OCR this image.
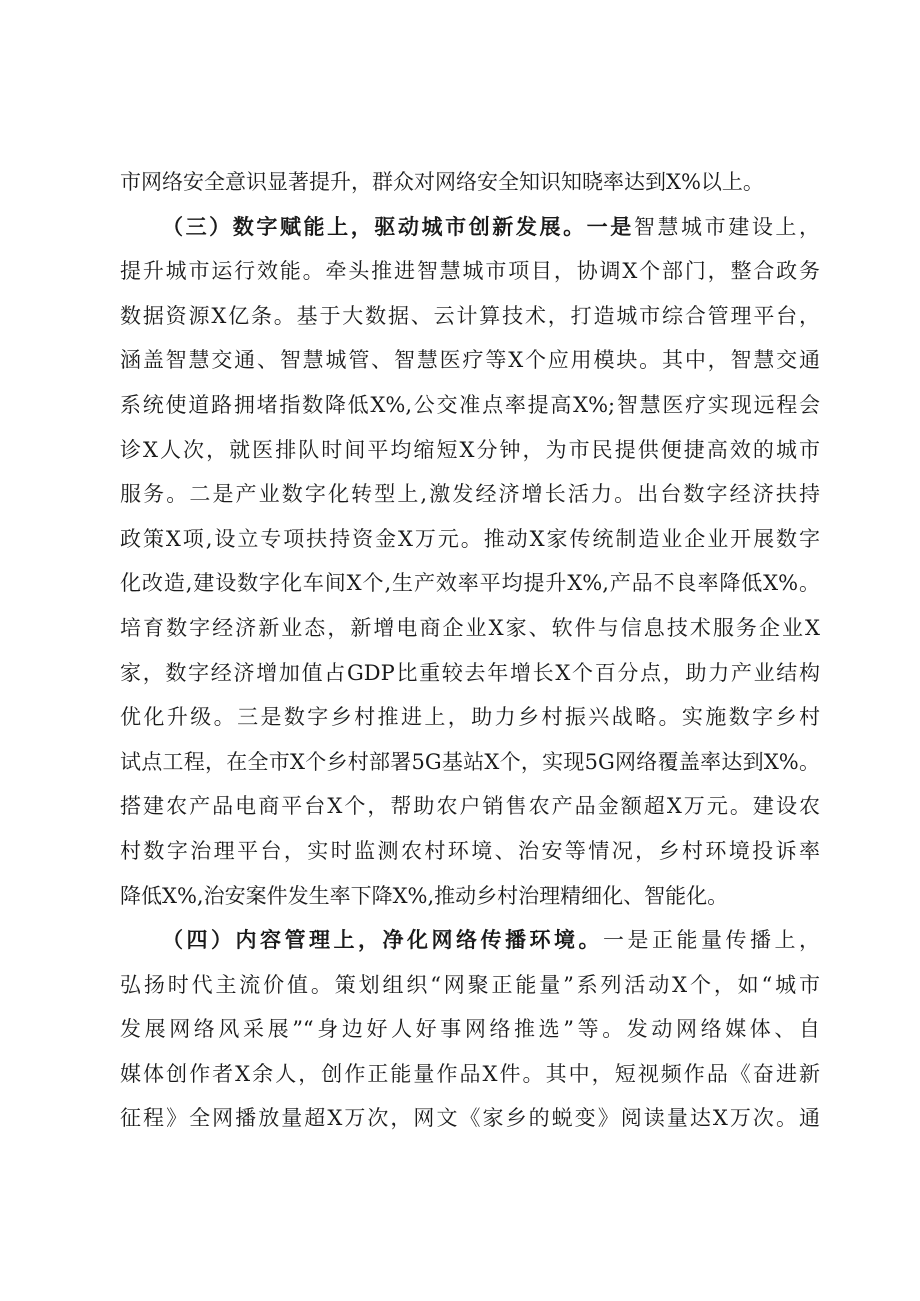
市网络安全意识显著提升，群众对网络安全知识知晓率达到X%以上。
（三）数字赋能上，驱动城市创新发展。一是智慧城市建设上，
提升城市运行效能。牵头推进智慧城市项目，协调X个部门，整合政务
数据资源X亿条。基于大数据、云计算技术，打造城市综合管理平台，
涵盖智慧交通、智慧城管、智慧医疗等X个应用模块。其中，智慧交通
系统使道路拥堵指数降低X%,公交准点率提高X%;智慧医疗实现远程会
诊X人次，就医排队时间平均缩短X分钟，为市民提供便捷高效的城市
服务。二是产业数字化转型上,激发经济增长活力。出台数字经济扶持
政策X项,设立专项扶持资金X万元。推动X家传统制造业企业开展数字
化改造,建设数字化车间X个,生产效率平均提升X%,产品不良率降低X%。
培育数字经济新业态，新增电商企业X家、软件与信息技术服务企业X
家，数字经济增加值占GDP比重较去年增长X个百分点，助力产业结构
优化升级。三是数字乡村推进上，助力乡村振兴战略。实施数字乡村
试点工程，在全市X个乡村部署5G基站X个，实现5G网络覆盖率达到X%。
搭建农产品电商平台X个，帮助农户销售农产品金额超X万元。建设农
村数字治理平台，实时监测农村环境、治安等情况，乡村环境投诉率
降低X%,治安案件发生率下降X%,推动乡村治理精细化、智能化。
（四）内容管理上，净化网络传播环境。一是正能量传播上，
弘扬时代主流价值。策划组织“网聚正能量”系列活动X个，如“城市
发展网络风采展”“身边好人好事网络推选”等。发动网络媒体、自
媒体创作者X余人，创作正能量作品X件。其中，短视频作品《奋进新
征程》全网播放量超X万次，网文《家乡的蜕变》阅读量达X万次。通
